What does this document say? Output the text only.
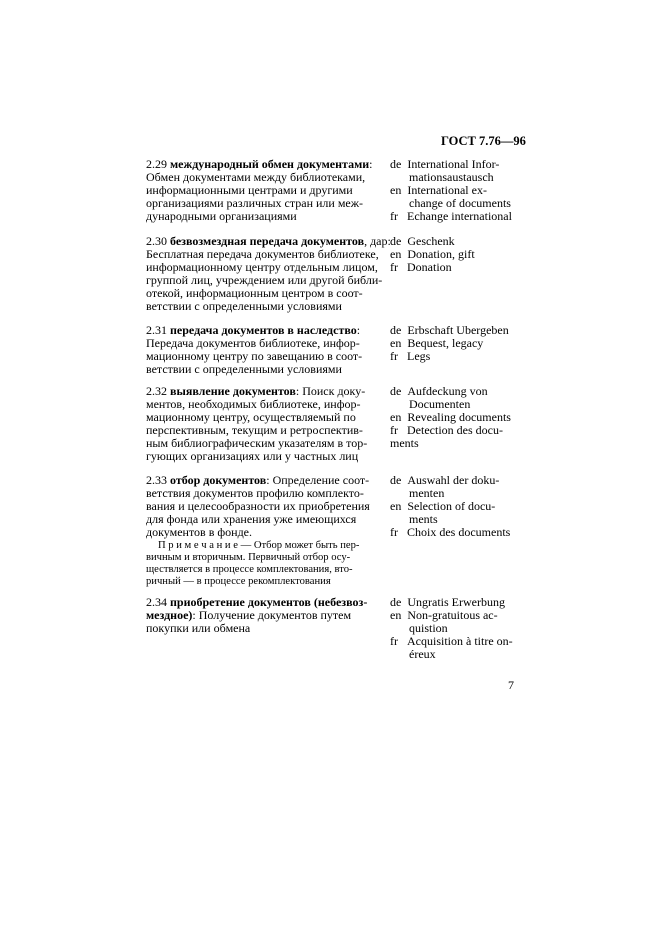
ГОСТ 7.76—96
2.29 международный обмен документами:
Обмен документами между библиотеками,
информационными центрами и другими
организациями различных стран или меж-
дународными организациями
de International Infor-
mationsaustausch
en International ex-
change of documents
fr Echange international
2.30 безвозмездная передача документов, дар:
Бесплатная передача документов библиотеке,
информационному центру отдельным лицом,
группой лиц, учреждением или другой библи-
отекой, информационным центром в соот-
ветствии с определенными условиями
de Geschenk
en Donation, gift
fr Donation
2.31 передача документов в наследство:
Передача документов библиотеке, инфор-
мационному центру по завещанию в соот-
ветствии с определенными условиями
de Erbschaft Ubergeben
en Bequest, legacy
fr Legs
2.32 выявление документов: Поиск доку-
ментов, необходимых библиотеке, инфор-
мационному центру, осуществляемый по
перспективным, текущим и ретроспектив-
ным библиографическим указателям в тор-
гующих организациях или у частных лиц
de Aufdeckung von
Documenten
en Revealing documents
fr Detection des docu-
ments
2.33 отбор документов: Определение соот-
ветствия документов профилю комплекто-
вания и целесообразности их приобретения
для фонда или хранения уже имеющихся
документов в фонде.
П р и м е ч а н и е — Отбор может быть пер-
вичным и вторичным. Первичный отбор осу-
ществляется в процессе комплектования, вто-
ричный — в процессе рекомплектования
de Auswahl der doku-
menten
en Selection of docu-
ments
fr Choix des documents
2.34 приобретение документов (небезвоз-
мездное): Получение документов путем
покупки или обмена
de Ungratis Erwerbung
en Non-gratuitous ac-
quistion
fr Acquisition à titre on-
éreux
7
